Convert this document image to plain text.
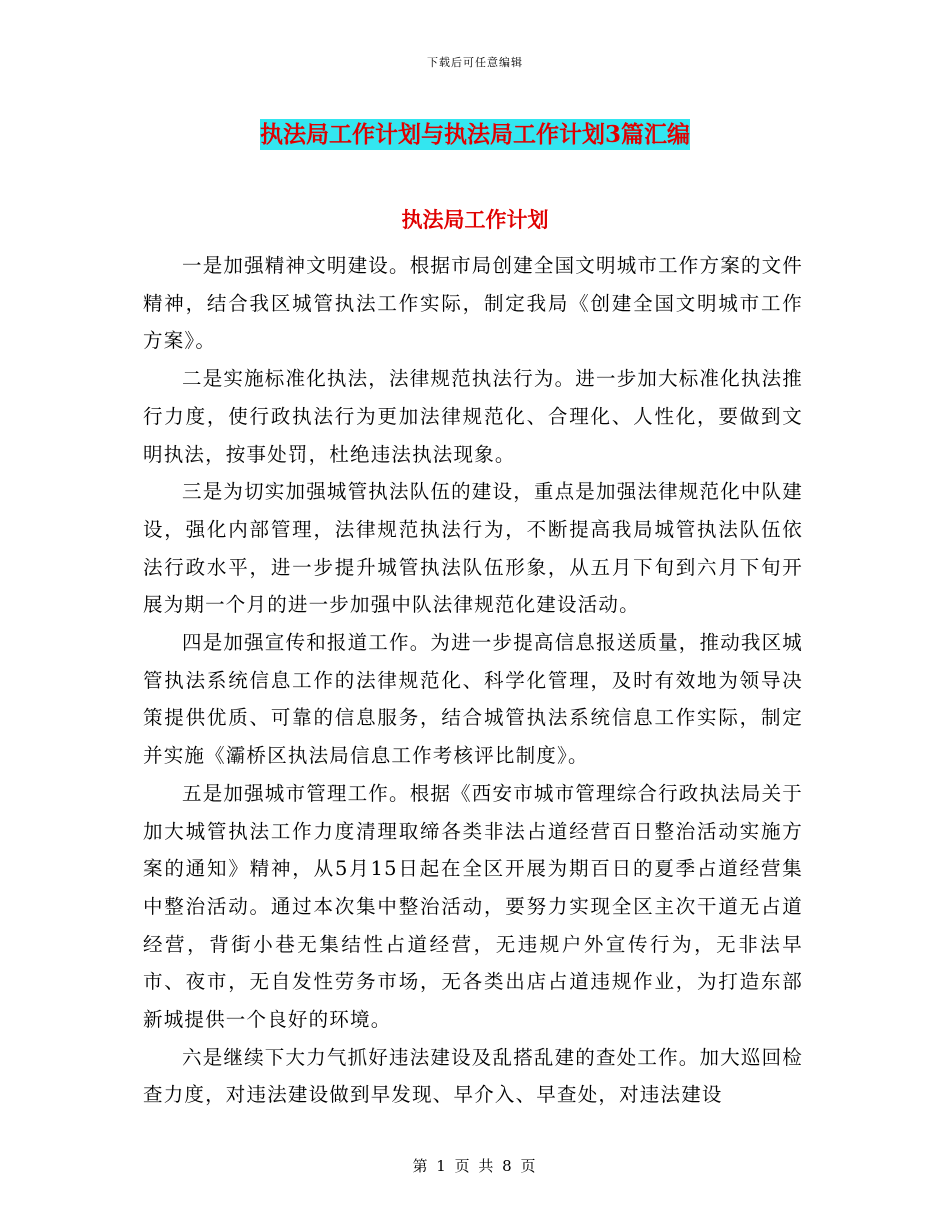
下载后可任意编辑
执法局工作计划与执法局工作计划3篇汇编
执法局工作计划

一是加强精神文明建设。根据市局创建全国文明城市工作方案的文件精神，结合我区城管执法工作实际，制定我局《创建全国文明城市工作方案》。

二是实施标准化执法，法律规范执法行为。进一步加大标准化执法推行力度，使行政执法行为更加法律规范化、合理化、人性化，要做到文明执法，按事处罚，杜绝违法执法现象。

三是为切实加强城管执法队伍的建设，重点是加强法律规范化中队建设，强化内部管理，法律规范执法行为，不断提高我局城管执法队伍依法行政水平，进一步提升城管执法队伍形象，从五月下旬到六月下旬开展为期一个月的进一步加强中队法律规范化建设活动。

四是加强宣传和报道工作。为进一步提高信息报送质量，推动我区城管执法系统信息工作的法律规范化、科学化管理，及时有效地为领导决策提供优质、可靠的信息服务，结合城管执法系统信息工作实际，制定并实施《灞桥区执法局信息工作考核评比制度》。

五是加强城市管理工作。根据《西安市城市管理综合行政执法局关于加大城管执法工作力度清理取缔各类非法占道经营百日整治活动实施方案的通知》精神，从5月15日起在全区开展为期百日的夏季占道经营集中整治活动。通过本次集中整治活动，要努力实现全区主次干道无占道经营，背街小巷无集结性占道经营，无违规户外宣传行为，无非法早市、夜市，无自发性劳务市场，无各类出店占道违规作业，为打造东部新城提供一个良好的环境。

六是继续下大力气抓好违法建设及乱搭乱建的查处工作。加大巡回检查力度，对违法建设做到早发现、早介入、早查处，对违法建设

第 1 页 共 8 页
